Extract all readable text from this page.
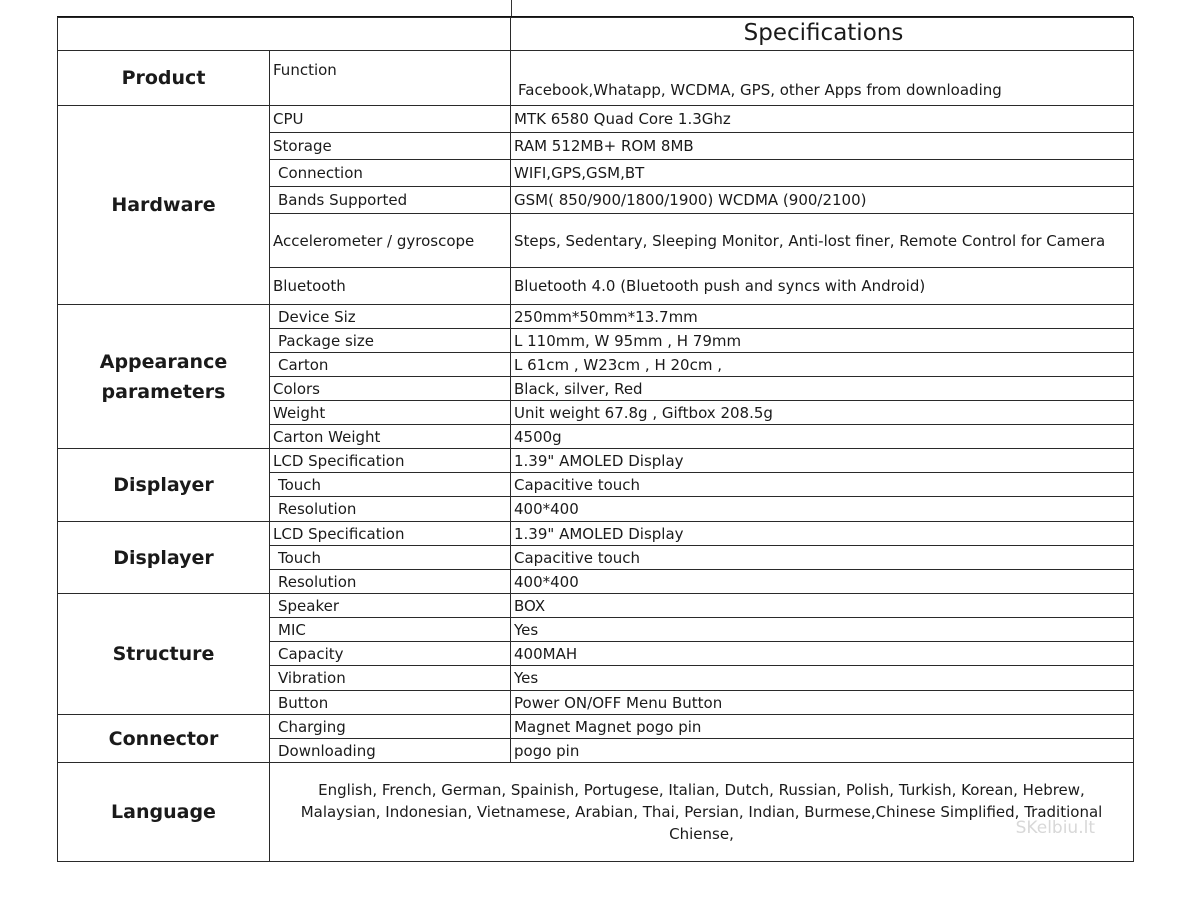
		Specifications
Product	Function	Facebook,Whatapp, WCDMA, GPS, other Apps from downloading
Hardware	CPU	MTK 6580 Quad Core 1.3Ghz
	Storage	RAM 512MB+ ROM 8MB
	Connection	WIFI,GPS,GSM,BT
	Bands Supported	GSM( 850/900/1800/1900) WCDMA (900/2100)
	Accelerometer / gyroscope	Steps, Sedentary, Sleeping Monitor, Anti-lost finer, Remote Control for Camera
	Bluetooth	Bluetooth 4.0 (Bluetooth push and syncs with Android)
Appearance parameters	Device Siz	250mm*50mm*13.7mm
	Package size	L 110mm, W 95mm , H 79mm
	Carton	L 61cm , W23cm , H 20cm ,
	Colors	Black, silver, Red
	Weight	Unit weight 67.8g , Giftbox 208.5g
	Carton Weight	4500g
Displayer	LCD Specification	1.39" AMOLED Display
	Touch	Capacitive touch
	Resolution	400*400
Displayer	LCD Specification	1.39" AMOLED Display
	Touch	Capacitive touch
	Resolution	400*400
Structure	Speaker	BOX
	MIC	Yes
	Capacity	400MAH
	Vibration	Yes
	Button	Power ON/OFF Menu Button
Connector	Charging	Magnet Magnet pogo pin
	Downloading	pogo pin
Language	English, French, German, Spainish, Portugese, Italian, Dutch, Russian, Polish, Turkish, Korean, Hebrew, Malaysian, Indonesian, Vietnamese, Arabian, Thai, Persian, Indian, Burmese,Chinese Simplified, Traditional Chiense,		SKelbiu.lt
